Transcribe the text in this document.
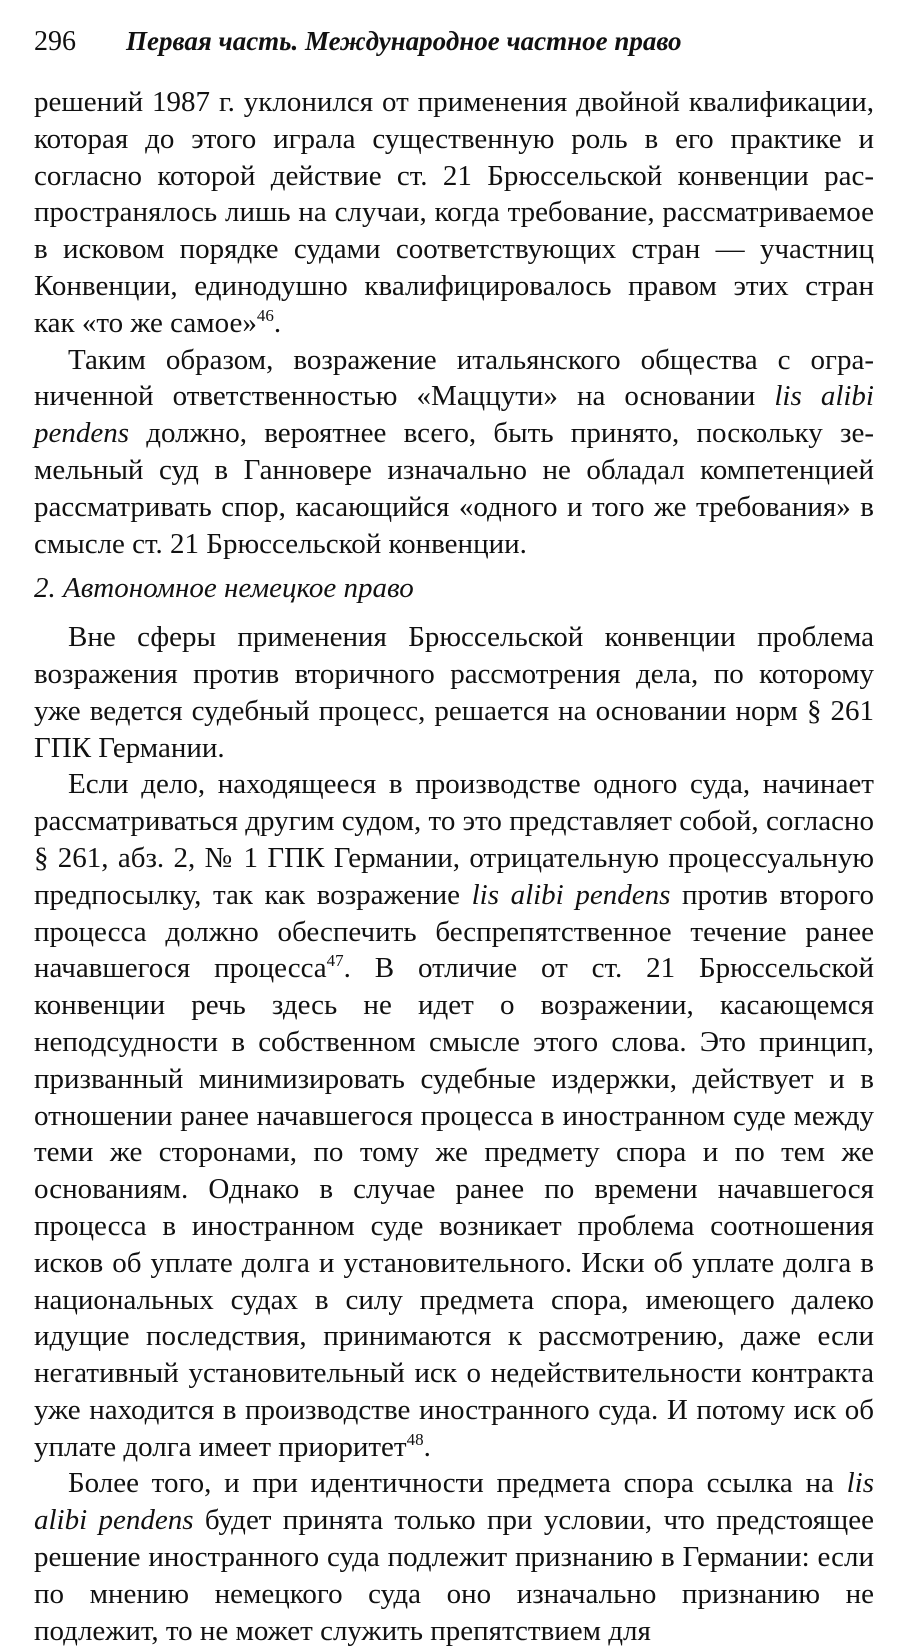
296 Первая часть. Международное частное право

решений 1987 г. уклонился от применения двойной квалификации, которая до этого играла существенную роль в его практике и согласно которой действие ст. 21 Брюссельской конвенции распространялось лишь на случаи, когда требование, рассматриваемое в исковом порядке судами соответствующих стран — участниц Конвенции, единодушно квалифицировалось правом этих стран как «то же самое»$^{46}$.

Таким образом, возражение итальянского общества с ограниченной ответственностью «Маццути» на основании lis alibi pendens должно, вероятнее всего, быть принято, поскольку земельный суд в Ганновере изначально не обладал компетенцией рассматривать спор, касающийся «одного и того же требования» в смысле ст. 21 Брюссельской конвенции.

2. Автономное немецкое право

Вне сферы применения Брюссельской конвенции проблема возражения против вторичного рассмотрения дела, по которому уже ведется судебный процесс, решается на основании норм § 261 ГПК Германии.

Если дело, находящееся в производстве одного суда, начинает рассматриваться другим судом, то это представляет собой, согласно § 261, абз. 2, № 1 ГПК Германии, отрицательную процессуальную предпосылку, так как возражение lis alibi pendens против второго процесса должно обеспечить беспрепятственное течение ранее начавшегося процесса$^{47}$. В отличие от ст. 21 Брюссельской конвенции речь здесь не идет о возражении, касающемся неподсудности в собственном смысле этого слова. Это принцип, призванный минимизировать судебные издержки, действует и в отношении ранее начавшегося процесса в иностранном суде между теми же сторонами, по тому же предмету спора и по тем же основаниям. Однако в случае ранее по времени начавшегося процесса в иностранном суде возникает проблема соотношения исков об уплате долга и установительного. Иски об уплате долга в национальных судах в силу предмета спора, имеющего далеко идущие последствия, принимаются к рассмотрению, даже если негативный установительный иск о недействительности контракта уже находится в производстве иностранного суда. И потому иск об уплате долга имеет приоритет$^{48}$.

Более того, и при идентичности предмета спора ссылка на lis alibi pendens будет принята только при условии, что предстоящее решение иностранного суда подлежит признанию в Германии: если по мнению немецкого суда оно изначально признанию не подлежит, то не может служить препятствием для
